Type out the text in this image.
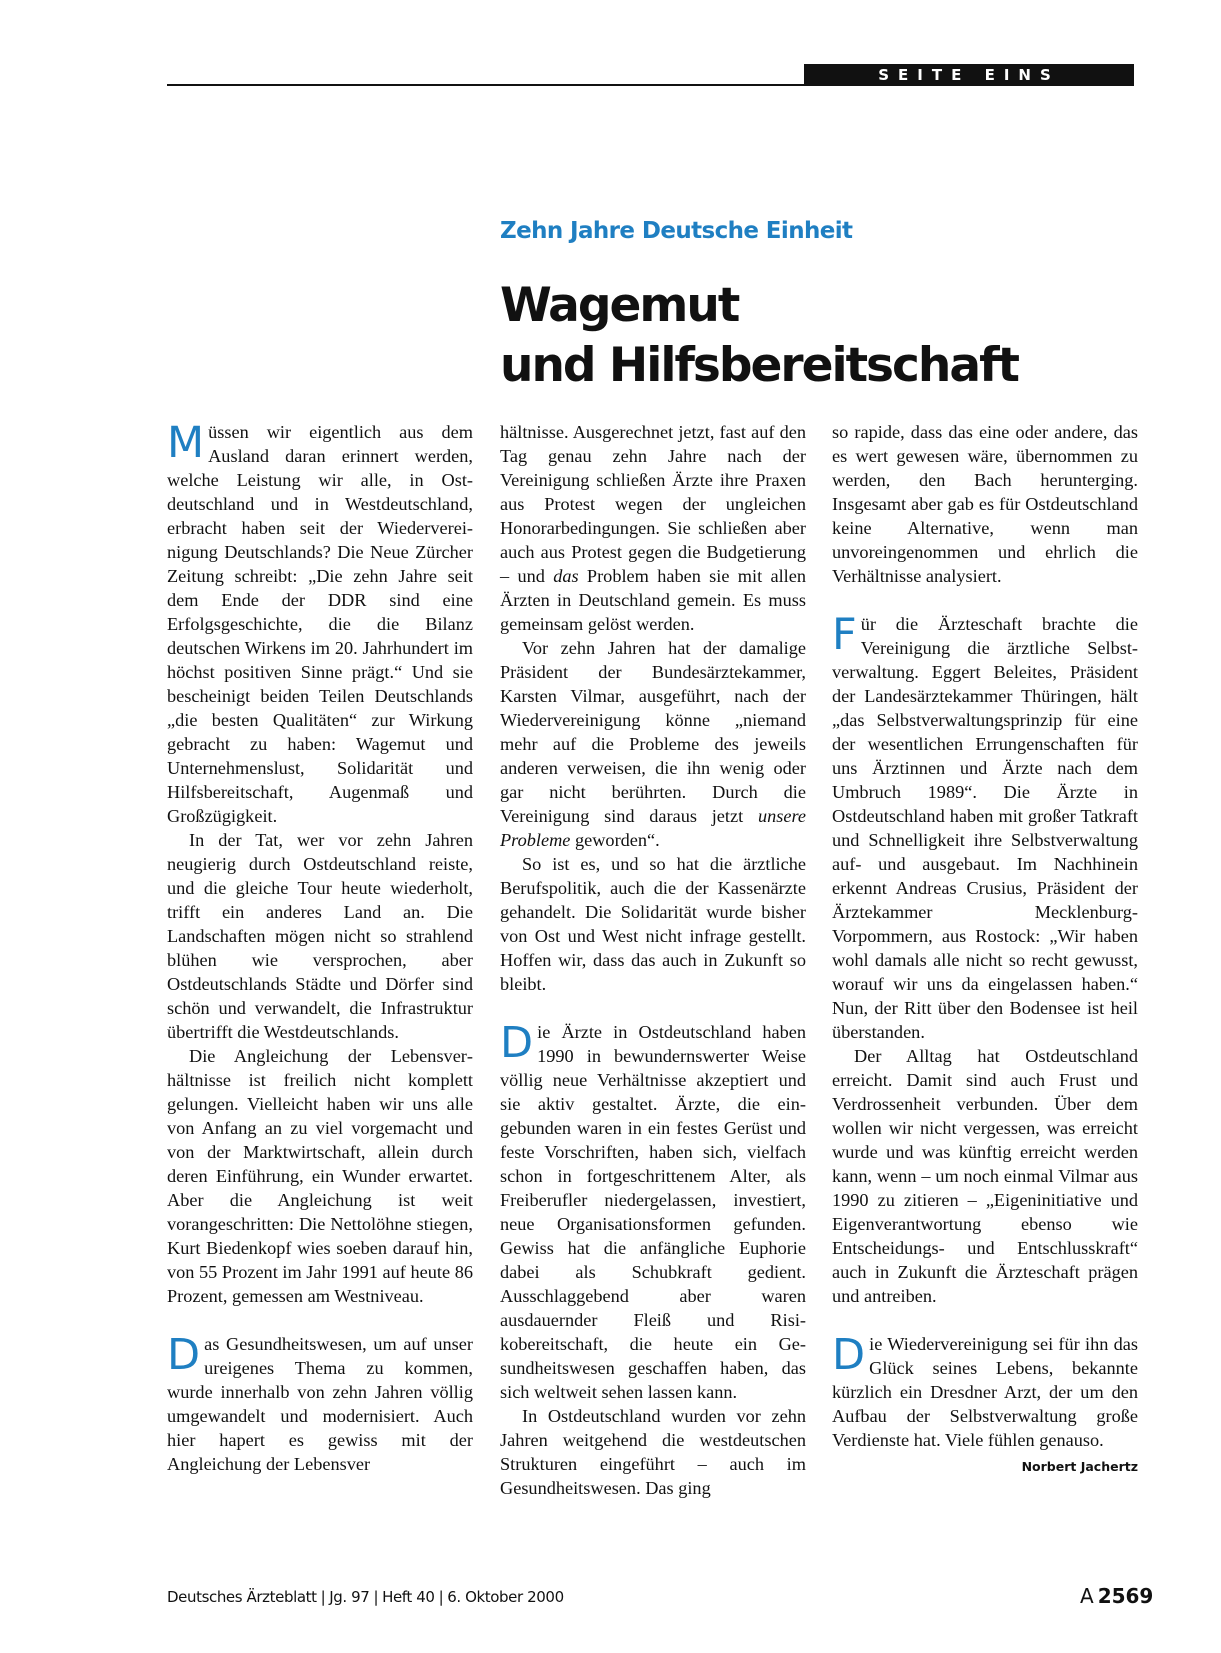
SEITE EINS
Zehn Jahre Deutsche Einheit
Wagemut
und Hilfsbereitschaft

Müssen wir eigentlich aus dem Ausland daran erinnert werden, welche Leistung wir alle, in Ostdeutschland und in Westdeutschland, erbracht haben seit der Wiedervereinigung Deutschlands? Die Neue Zürcher Zeitung schreibt: „Die zehn Jahre seit dem Ende der DDR sind eine Erfolgsgeschichte, die die Bilanz deutschen Wirkens im 20. Jahrhundert im höchst positiven Sinne prägt.“ Und sie bescheinigt beiden Teilen Deutschlands „die besten Qualitäten“ zur Wirkung gebracht zu haben: Wagemut und Unternehmenslust, Solidarität und Hilfsbereitschaft, Augenmaß und Großzügigkeit.

In der Tat, wer vor zehn Jahren neugierig durch Ostdeutschland reiste, und die gleiche Tour heute wiederholt, trifft ein anderes Land an. Die Landschaften mögen nicht so strahlend blühen wie versprochen, aber Ostdeutschlands Städte und Dörfer sind schön und verwandelt, die Infrastruktur übertrifft die Westdeutschlands.

Die Angleichung der Lebensverhältnisse ist freilich nicht komplett gelungen. Vielleicht haben wir uns alle von Anfang an zu viel vorgemacht und von der Marktwirtschaft, allein durch deren Einführung, ein Wunder erwartet. Aber die Angleichung ist weit vorangeschritten: Die Nettolöhne stiegen, Kurt Biedenkopf wies soeben darauf hin, von 55 Prozent im Jahr 1991 auf heute 86 Prozent, gemessen am Westniveau.

Das Gesundheitswesen, um auf unser ureigenes Thema zu kommen, wurde innerhalb von zehn Jahren völlig umgewandelt und modernisiert. Auch hier hapert es gewiss mit der Angleichung der Lebensver

hältnisse. Ausgerechnet jetzt, fast auf den Tag genau zehn Jahre nach der Vereinigung schließen Ärzte ihre Praxen aus Protest wegen der ungleichen Honorarbedingungen. Sie schließen aber auch aus Protest gegen die Budgetierung – und das Problem haben sie mit allen Ärzten in Deutschland gemein. Es muss gemeinsam gelöst werden.

Vor zehn Jahren hat der damalige Präsident der Bundesärztekammer, Karsten Vilmar, ausgeführt, nach der Wiedervereinigung könne „niemand mehr auf die Probleme des jeweils anderen verweisen, die ihn wenig oder gar nicht berührten. Durch die Vereinigung sind daraus jetzt unsere Probleme geworden“.

So ist es, und so hat die ärztliche Berufspolitik, auch die der Kassenärzte gehandelt. Die Solidarität wurde bisher von Ost und West nicht infrage gestellt. Hoffen wir, dass das auch in Zukunft so bleibt.

Die Ärzte in Ostdeutschland haben 1990 in bewundernswerter Weise völlig neue Verhältnisse akzeptiert und sie aktiv gestaltet. Ärzte, die eingebunden waren in ein festes Gerüst und feste Vorschriften, haben sich, vielfach schon in fortgeschrittenem Alter, als Freiberufler niedergelassen, investiert, neue Organisationsformen gefunden. Gewiss hat die anfängliche Euphorie dabei als Schubkraft gedient. Ausschlaggebend aber waren ausdauernder Fleiß und Risikobereitschaft, die heute ein Gesundheitswesen geschaffen haben, das sich weltweit sehen lassen kann.

In Ostdeutschland wurden vor zehn Jahren weitgehend die westdeutschen Strukturen eingeführt – auch im Gesundheitswesen. Das ging

so rapide, dass das eine oder andere, das es wert gewesen wäre, übernommen zu werden, den Bach herunterging. Insgesamt aber gab es für Ostdeutschland keine Alternative, wenn man unvoreingenommen und ehrlich die Verhältnisse analysiert.

Für die Ärzteschaft brachte die Vereinigung die ärztliche Selbstverwaltung. Eggert Beleites, Präsident der Landesärztekammer Thüringen, hält „das Selbstverwaltungsprinzip für eine der wesentlichen Errungenschaften für uns Ärztinnen und Ärzte nach dem Umbruch 1989“. Die Ärzte in Ostdeutschland haben mit großer Tatkraft und Schnelligkeit ihre Selbstverwaltung auf- und ausgebaut. Im Nachhinein erkennt Andreas Crusius, Präsident der Ärztekammer Mecklenburg-Vorpommern, aus Rostock: „Wir haben wohl damals alle nicht so recht gewusst, worauf wir uns da eingelassen haben.“ Nun, der Ritt über den Bodensee ist heil überstanden.

Der Alltag hat Ostdeutschland erreicht. Damit sind auch Frust und Verdrossenheit verbunden. Über dem wollen wir nicht vergessen, was erreicht wurde und was künftig erreicht werden kann, wenn – um noch einmal Vilmar aus 1990 zu zitieren – „Eigeninitiative und Eigenverantwortung ebenso wie Entscheidungs- und Entschlusskraft“ auch in Zukunft die Ärzteschaft prägen und antreiben.

Die Wiedervereinigung sei für ihn das Glück seines Lebens, bekannte kürzlich ein Dresdner Arzt, der um den Aufbau der Selbstverwaltung große Verdienste hat. Viele fühlen genauso.
Norbert Jachertz

Deutsches Ärzteblatt | Jg. 97 | Heft 40 | 6. Oktober 2000	A 2569
